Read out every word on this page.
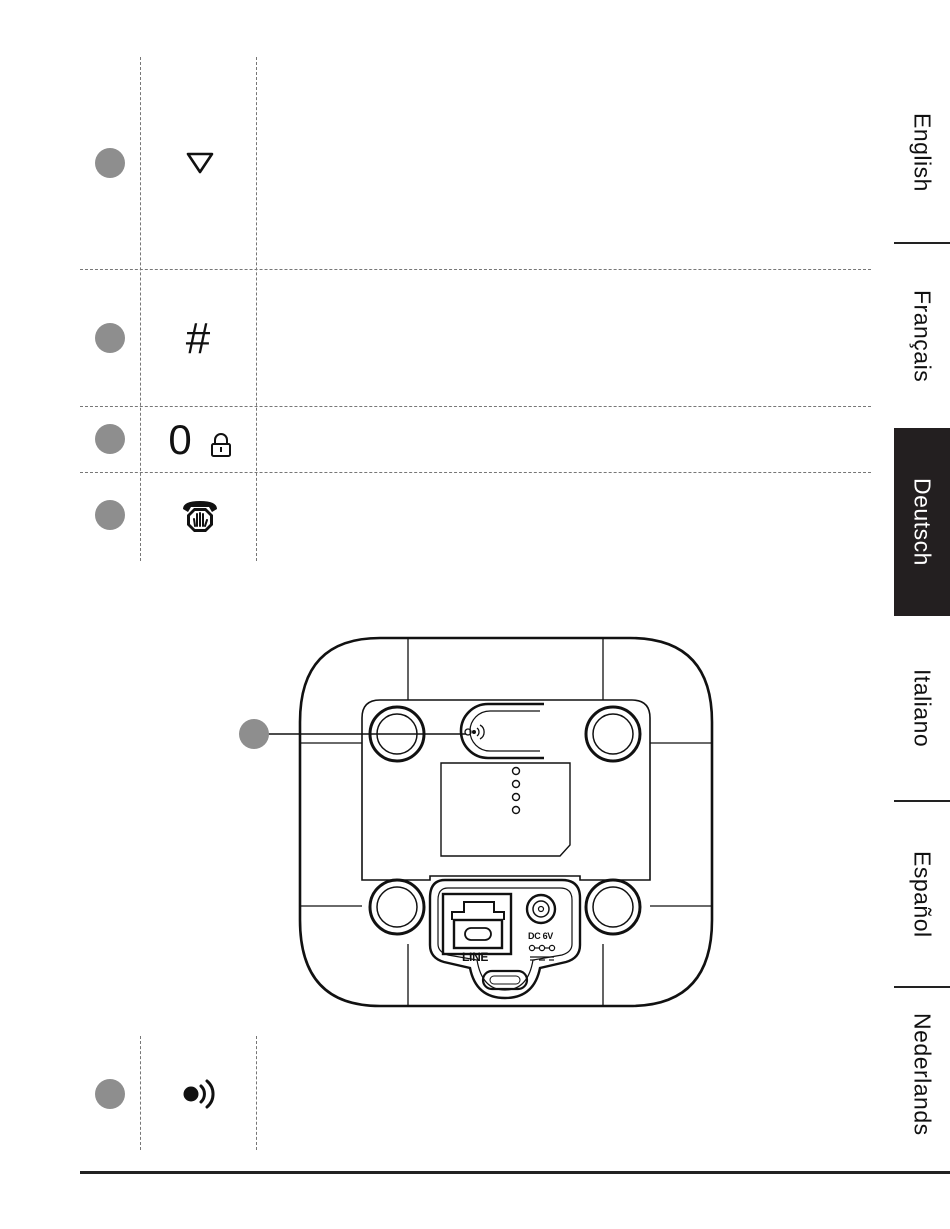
#
0
LINE
DC 6V
English
Français
Deutsch
Italiano
Español
Nederlands
